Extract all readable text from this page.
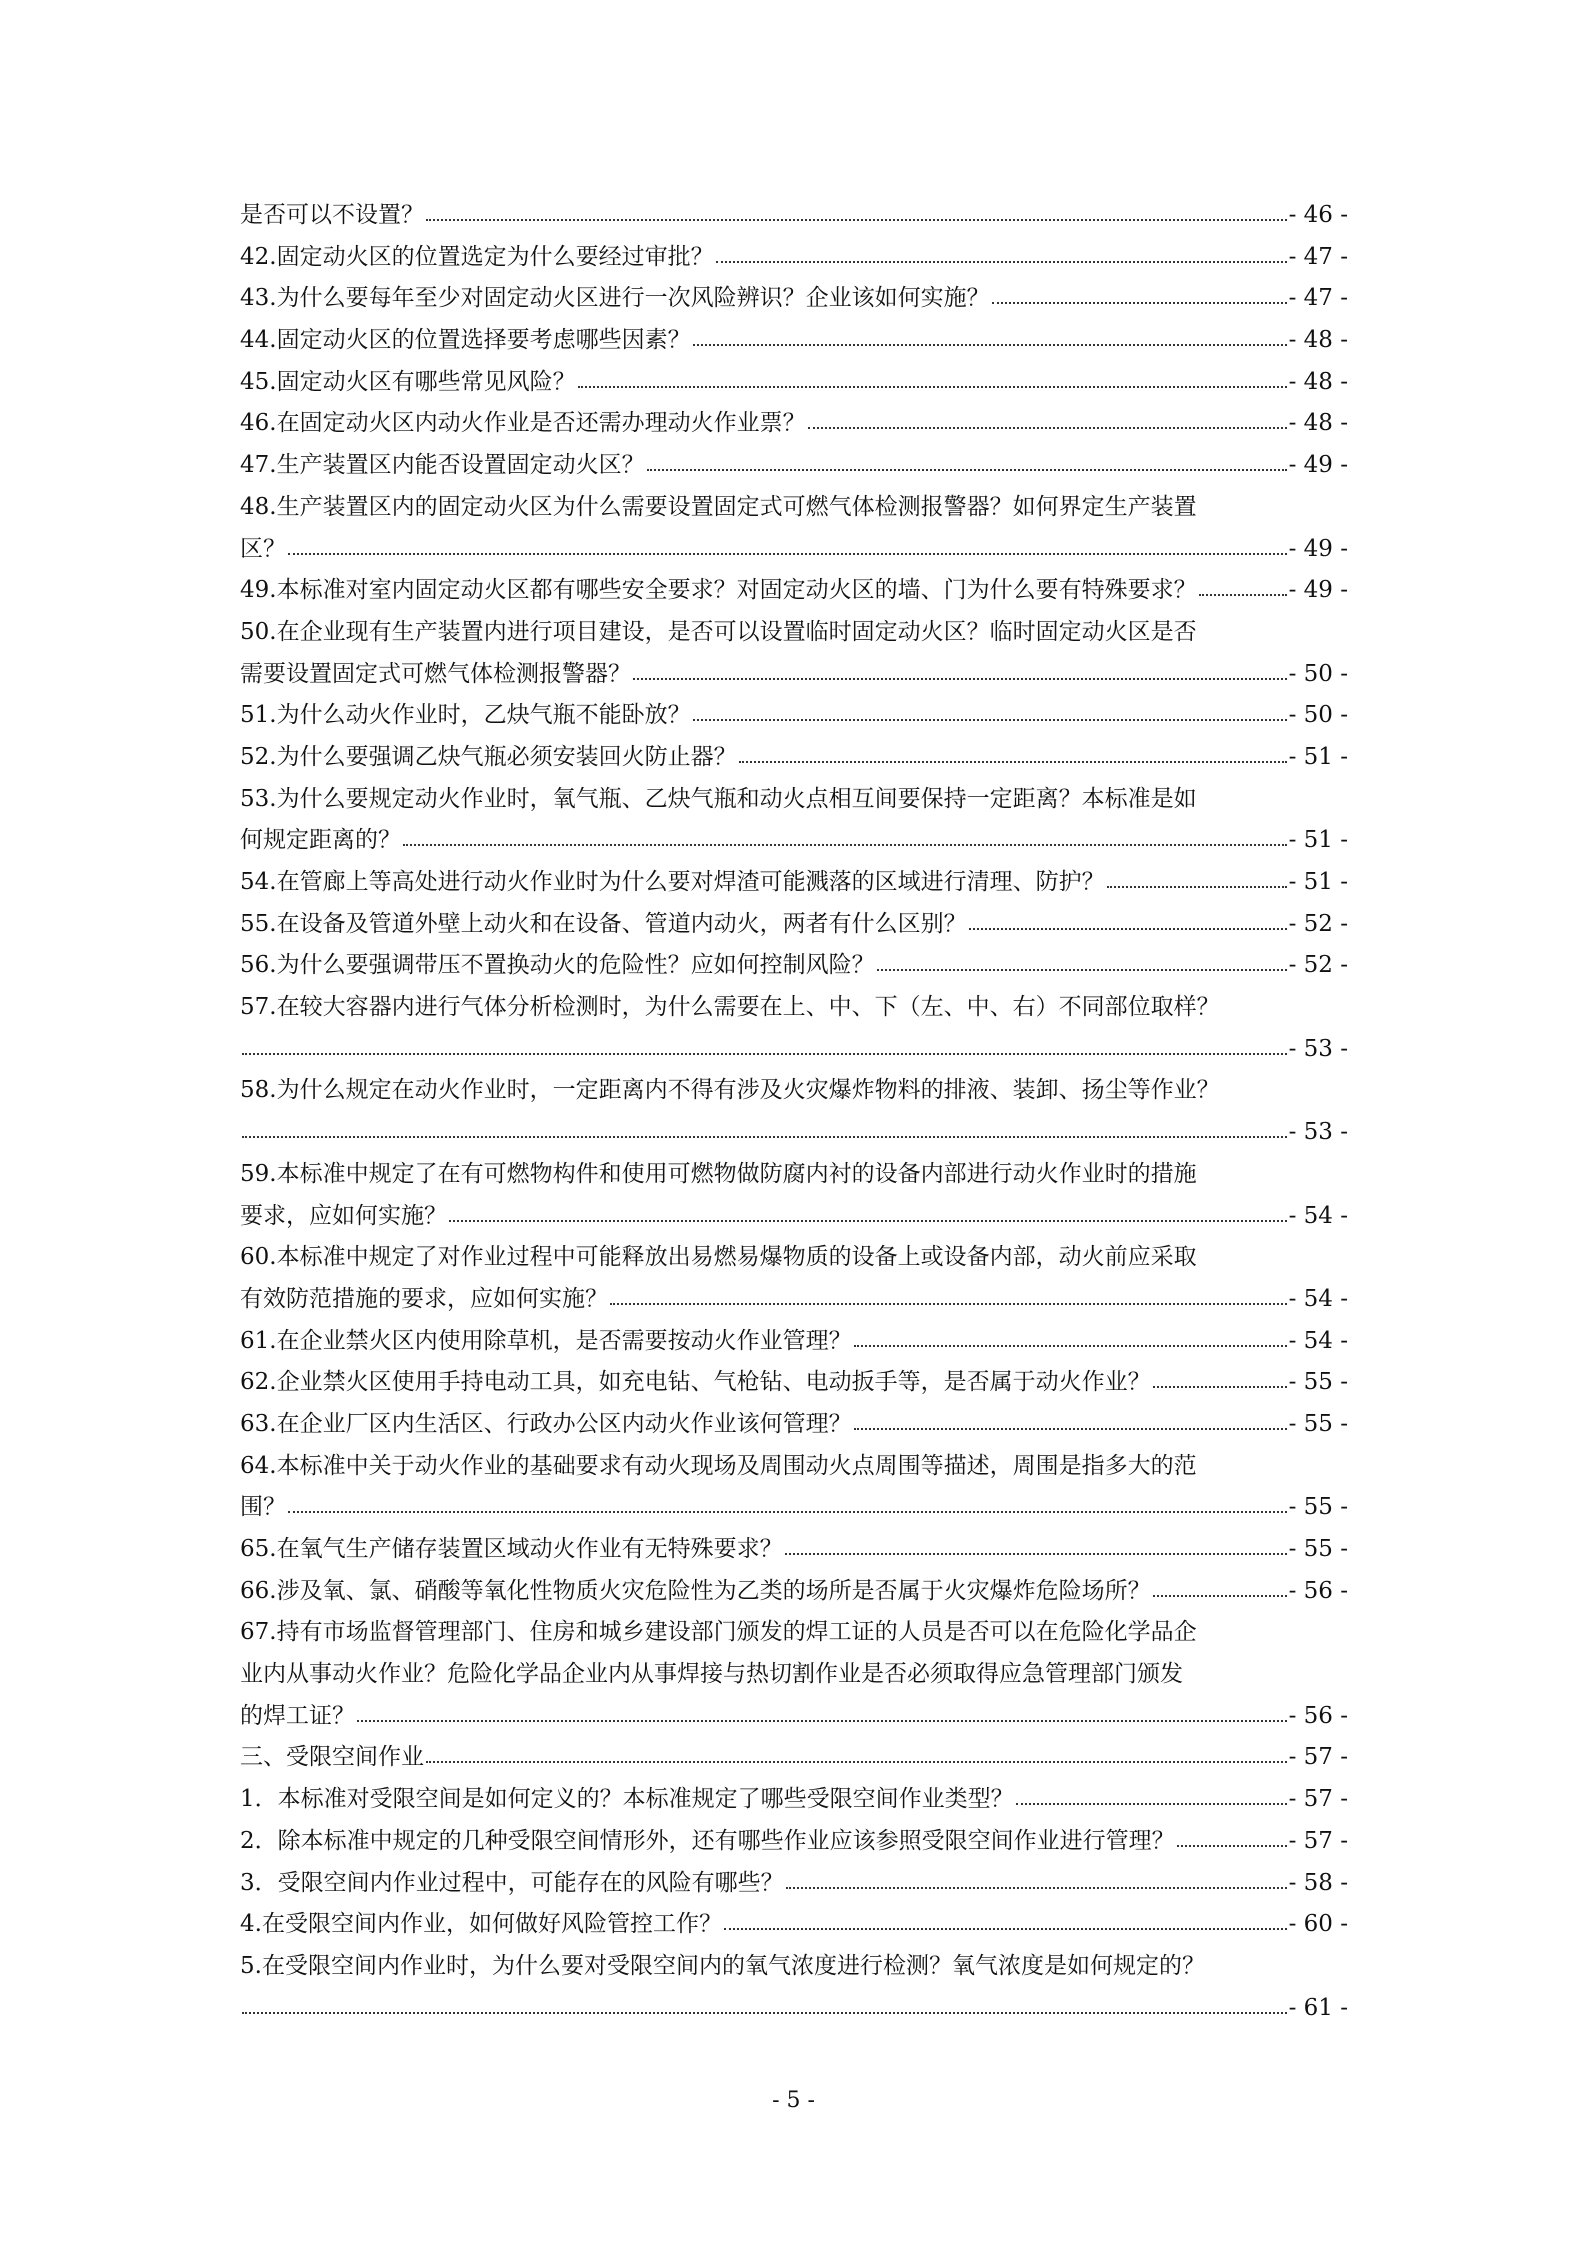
是否可以不设置？	- 46 -
42.固定动火区的位置选定为什么要经过审批？	- 47 -
43.为什么要每年至少对固定动火区进行一次风险辨识？企业该如何实施？	- 47 -
44.固定动火区的位置选择要考虑哪些因素？	- 48 -
45.固定动火区有哪些常见风险？	- 48 -
46.在固定动火区内动火作业是否还需办理动火作业票？	- 48 -
47.生产装置区内能否设置固定动火区？	- 49 -
48.生产装置区内的固定动火区为什么需要设置固定式可燃气体检测报警器？如何界定生产装置
区？	- 49 -
49.本标准对室内固定动火区都有哪些安全要求？对固定动火区的墙、门为什么要有特殊要求？	- 49 -
50.在企业现有生产装置内进行项目建设，是否可以设置临时固定动火区？临时固定动火区是否
需要设置固定式可燃气体检测报警器？	- 50 -
51.为什么动火作业时，乙炔气瓶不能卧放？	- 50 -
52.为什么要强调乙炔气瓶必须安装回火防止器？	- 51 -
53.为什么要规定动火作业时，氧气瓶、乙炔气瓶和动火点相互间要保持一定距离？本标准是如
何规定距离的？	- 51 -
54.在管廊上等高处进行动火作业时为什么要对焊渣可能溅落的区域进行清理、防护？	- 51 -
55.在设备及管道外壁上动火和在设备、管道内动火，两者有什么区别？	- 52 -
56.为什么要强调带压不置换动火的危险性？应如何控制风险？	- 52 -
57.在较大容器内进行气体分析检测时，为什么需要在上、中、下（左、中、右）不同部位取样？
- 53 -
58.为什么规定在动火作业时，一定距离内不得有涉及火灾爆炸物料的排液、装卸、扬尘等作业？
- 53 -
59.本标准中规定了在有可燃物构件和使用可燃物做防腐内衬的设备内部进行动火作业时的措施
要求，应如何实施？	- 54 -
60.本标准中规定了对作业过程中可能释放出易燃易爆物质的设备上或设备内部，动火前应采取
有效防范措施的要求，应如何实施？	- 54 -
61.在企业禁火区内使用除草机，是否需要按动火作业管理？	- 54 -
62.企业禁火区使用手持电动工具，如充电钻、气枪钻、电动扳手等，是否属于动火作业？	- 55 -
63.在企业厂区内生活区、行政办公区内动火作业该何管理？	- 55 -
64.本标准中关于动火作业的基础要求有动火现场及周围动火点周围等描述，周围是指多大的范
围？	- 55 -
65.在氧气生产储存装置区域动火作业有无特殊要求？	- 55 -
66.涉及氧、氯、硝酸等氧化性物质火灾危险性为乙类的场所是否属于火灾爆炸危险场所？	- 56 -
67.持有市场监督管理部门、住房和城乡建设部门颁发的焊工证的人员是否可以在危险化学品企
业内从事动火作业？危险化学品企业内从事焊接与热切割作业是否必须取得应急管理部门颁发
的焊工证？	- 56 -
三、受限空间作业	- 57 -
1．本标准对受限空间是如何定义的？本标准规定了哪些受限空间作业类型？	- 57 -
2．除本标准中规定的几种受限空间情形外，还有哪些作业应该参照受限空间作业进行管理？	- 57 -
3．受限空间内作业过程中，可能存在的风险有哪些？	- 58 -
4.在受限空间内作业，如何做好风险管控工作？	- 60 -
5.在受限空间内作业时，为什么要对受限空间内的氧气浓度进行检测？氧气浓度是如何规定的？
- 61 -
- 5 -
